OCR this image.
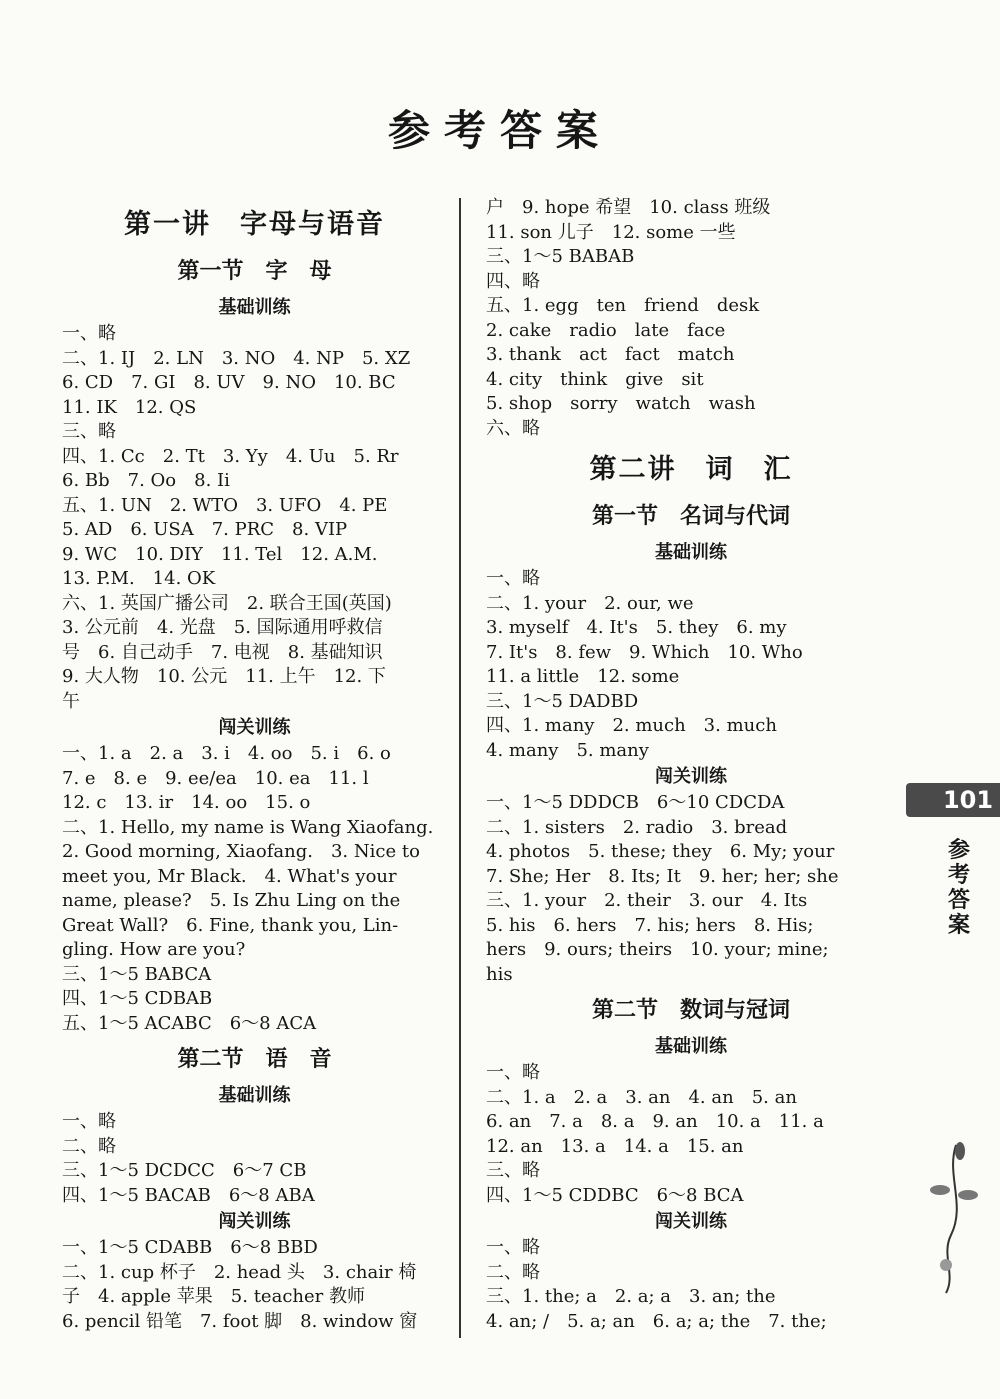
参考答案
第一讲　字母与语音
第一节　字　母
基础训练
一、略
二、1. IJ　2. LN　3. NO　4. NP　5. XZ
6. CD　7. GI　8. UV　9. NO　10. BC
11. IK　12. QS
三、略
四、1. Cc　2. Tt　3. Yy　4. Uu　5. Rr
6. Bb　7. Oo　8. Ii
五、1. UN　2. WTO　3. UFO　4. PE
5. AD　6. USA　7. PRC　8. VIP
9. WC　10. DIY　11. Tel　12. A.M.
13. P.M.　14. OK
六、1. 英国广播公司　2. 联合王国(英国)
3. 公元前　4. 光盘　5. 国际通用呼救信
号　6. 自己动手　7. 电视　8. 基础知识
9. 大人物　10. 公元　11. 上午　12. 下
午
闯关训练
一、1. a　2. a　3. i　4. oo　5. i　6. o
7. e　8. e　9. ee/ea　10. ea　11. l
12. c　13. ir　14. oo　15. o
二、1. Hello, my name is Wang Xiaofang.
2. Good morning, Xiaofang.　3. Nice to
meet you, Mr Black.　4. What's your
name, please?　5. Is Zhu Ling on the
Great Wall?　6. Fine, thank you, Lin-
gling. How are you?
三、1～5 BABCA
四、1～5 CDBAB
五、1～5 ACABC　6～8 ACA
第二节　语　音
基础训练
一、略
二、略
三、1～5 DCDCC　6～7 CB
四、1～5 BACAB　6～8 ABA
闯关训练
一、1～5 CDABB　6～8 BBD
二、1. cup 杯子　2. head 头　3. chair 椅
子　4. apple 苹果　5. teacher 教师
6. pencil 铅笔　7. foot 脚　8. window 窗
户　9. hope 希望　10. class 班级
11. son 儿子　12. some 一些
三、1～5 BABAB
四、略
五、1. egg　ten　friend　desk
2. cake　radio　late　face
3. thank　act　fact　match
4. city　think　give　sit
5. shop　sorry　watch　wash
六、略
第二讲　词　汇
第一节　名词与代词
基础训练
一、略
二、1. your　2. our, we
3. myself　4. It's　5. they　6. my
7. It's　8. few　9. Which　10. Who
11. a little　12. some
三、1～5 DADBD
四、1. many　2. much　3. much
4. many　5. many
闯关训练
一、1～5 DDDCB　6～10 CDCDA
二、1. sisters　2. radio　3. bread
4. photos　5. these; they　6. My; your
7. She; Her　8. Its; It　9. her; her; she
三、1. your　2. their　3. our　4. Its
5. his　6. hers　7. his; hers　8. His;
hers　9. ours; theirs　10. your; mine;
his
第二节　数词与冠词
基础训练
一、略
二、1. a　2. a　3. an　4. an　5. an
6. an　7. a　8. a　9. an　10. a　11. a
12. an　13. a　14. a　15. an
三、略
四、1～5 CDDBC　6～8 BCA
闯关训练
一、略
二、略
三、1. the; a　2. a; a　3. an; the
4. an; /　5. a; an　6. a; a; the　7. the;
101
参
考
答
案
